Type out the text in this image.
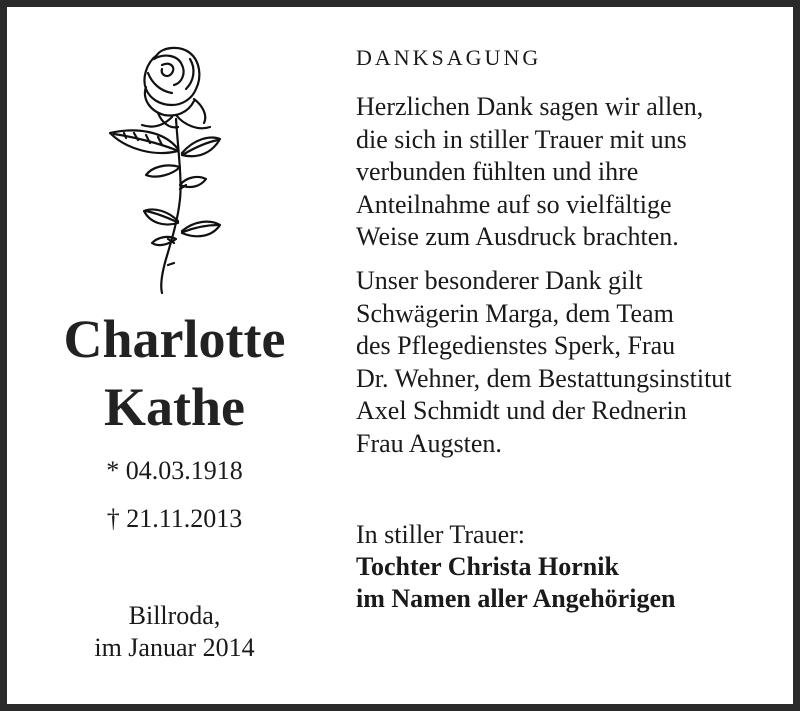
Charlotte
Kathe
* 04.03.1918
† 21.11.2013
Billroda,
im Januar 2014
DANKSAGUNG
Herzlichen Dank sagen wir allen,
die sich in stiller Trauer mit uns
verbunden fühlten und ihre
Anteilnahme auf so vielfältige
Weise zum Ausdruck brachten.
Unser besonderer Dank gilt
Schwägerin Marga, dem Team
des Pflegedienstes Sperk, Frau
Dr. Wehner, dem Bestattungsinstitut
Axel Schmidt und der Rednerin
Frau Augsten.
In stiller Trauer:
Tochter Christa Hornik
im Namen aller Angehörigen
